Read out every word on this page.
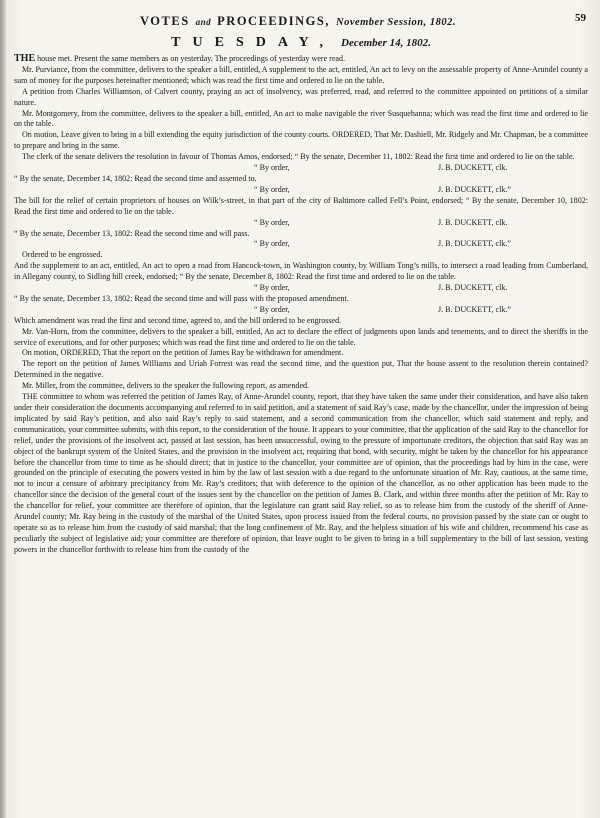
VOTES and PROCEEDINGS, November Session, 1802.	59
TUESDAY, December 14, 1802.

THE house met. Present the same members as on yesterday. The proceedings of yesterday were read.

Mr. Purviance, from the committee, delivers to the speaker a bill, entitled, A supplement to the act, entitled, An act to levy on the assessable property of Anne-Arundel county a sum of money for the purposes hereinafter mentioned; which was read the first time and ordered to lie on the table.

A petition from Charles Williamson, of Calvert county, praying an act of insolvency, was preferred, read, and referred to the committee appointed on petitions of a similar nature.

Mr. Montgomery, from the committee, delivers to the speaker a bill, entitled, An act to make navigable the river Susquehanna; which was read the first time and ordered to lie on the table.

On motion, Leave given to bring in a bill extending the equity jurisdiction of the county courts. ORDERED, That Mr. Dashiell, Mr. Ridgely and Mr. Chapman, be a committee to prepare and bring in the same.

The clerk of the senate delivers the resolution in favour of Thomas Amos, endorsed; “ By the senate, December 11, 1802: Read the first time and ordered to lie on the table.

“ By order,	J. B. DUCKETT, clk.

“ By the senate, December 14, 1802: Read the second time and assented to.

“ By order,	J. B. DUCKETT, clk.”

The bill for the relief of certain proprietors of houses on Wilk’s-street, in that part of the city of Baltimore called Fell’s Point, endorsed; “ By the senate, December 10, 1802: Read the first time and ordered to lie on the table.

“ By order,	J. B. DUCKETT, clk.

“ By the senate, December 13, 1802: Read the second time and will pass.

“ By order,	J. B. DUCKETT, clk.”

Ordered to be engrossed.

And the supplement to an act, entitled, An act to open a road from Hancock-town, in Washington county, by William Tong’s mills, to intersect a road leading from Cumberland, in Allegany county, to Sidling hill creek, endorsed; “ By the senate, December 8, 1802: Read the first time and ordered to lie on the table.

“ By order,	J. B. DUCKETT, clk.

“ By the senate, December 13, 1802: Read the second time and will pass with the proposed amendment.

“ By order,	J. B. DUCKETT, clk.”

Which amendment was read the first and second time, agreed to, and the bill ordered to be engrossed.

Mr. Van-Horn, from the committee, delivers to the speaker a bill, entitled, An act to declare the effect of judgments upon lands and tenements, and to direct the sheriffs in the service of executions, and for other purposes; which was read the first time and ordered to lie on the table.

On motion, ORDERED, That the report on the petition of James Ray be withdrawn for amendment.

The report on the petition of James Williams and Uriah Forrest was read the second time, and the question put, That the house assent to the resolution therein contained? Determined in the negative.

Mr. Miller, from the committee, delivers to the speaker the following report, as amended.

THE committee to whom was referred the petition of James Ray, of Anne-Arundel county, report, that they have taken the same under their consideration, and have also taken under their consideration the documents accompanying and referred to in said petition, and a statement of said Ray’s case, made by the chancellor, under the impression of being implicated by said Ray’s petition, and also said Ray’s reply to said statement, and a second communication from the chancellor, which said statement and reply, and communication, your committee submits, with this report, to the consideration of the house. It appears to your committee, that the application of the said Ray to the chancellor for relief, under the provisions of the insolvent act, passed at last session, has been unsuccessful, owing to the pressure of importunate creditors, the objection that said Ray was an object of the bankrupt system of the United States, and the provision in the insolvent act, requiring that bond, with security, might be taken by the chancellor for his appearance before the chancellor from time to time as he should direct; that in justice to the chancellor, your committee are of opinion, that the proceedings had by him in the case, were grounded on the principle of executing the powers vested in him by the law of last session with a due regard to the unfortunate situation of Mr. Ray, cautious, at the same time, not to incur a censure of arbitrary precipitancy from Mr. Ray’s creditors; that with deference to the opinion of the chancellor, as no other application has been made to the chancellor since the decision of the general court of the issues sent by the chancellor on the petition of James B. Clark, and within three months after the petition of Mr. Ray to the chancellor for relief, your committee are therefore of opinion, that the legislature can grant said Ray relief, so as to release him from the custody of the sheriff of Anne-Arundel county; Mr. Ray being in the custody of the marshal of the United States, upon process issued from the federal courts, no provision passed by the state can or ought to operate so as to release him from the custody of said marshal; that the long confinement of Mr. Ray, and the helpless situation of his wife and children, recommend his case as peculiarly the subject of legislative aid; your committee are therefore of opinion, that leave ought to be given to bring in a bill supplementary to the bill of last session, vesting powers in the chancellor forthwith to release him from the custody of the
